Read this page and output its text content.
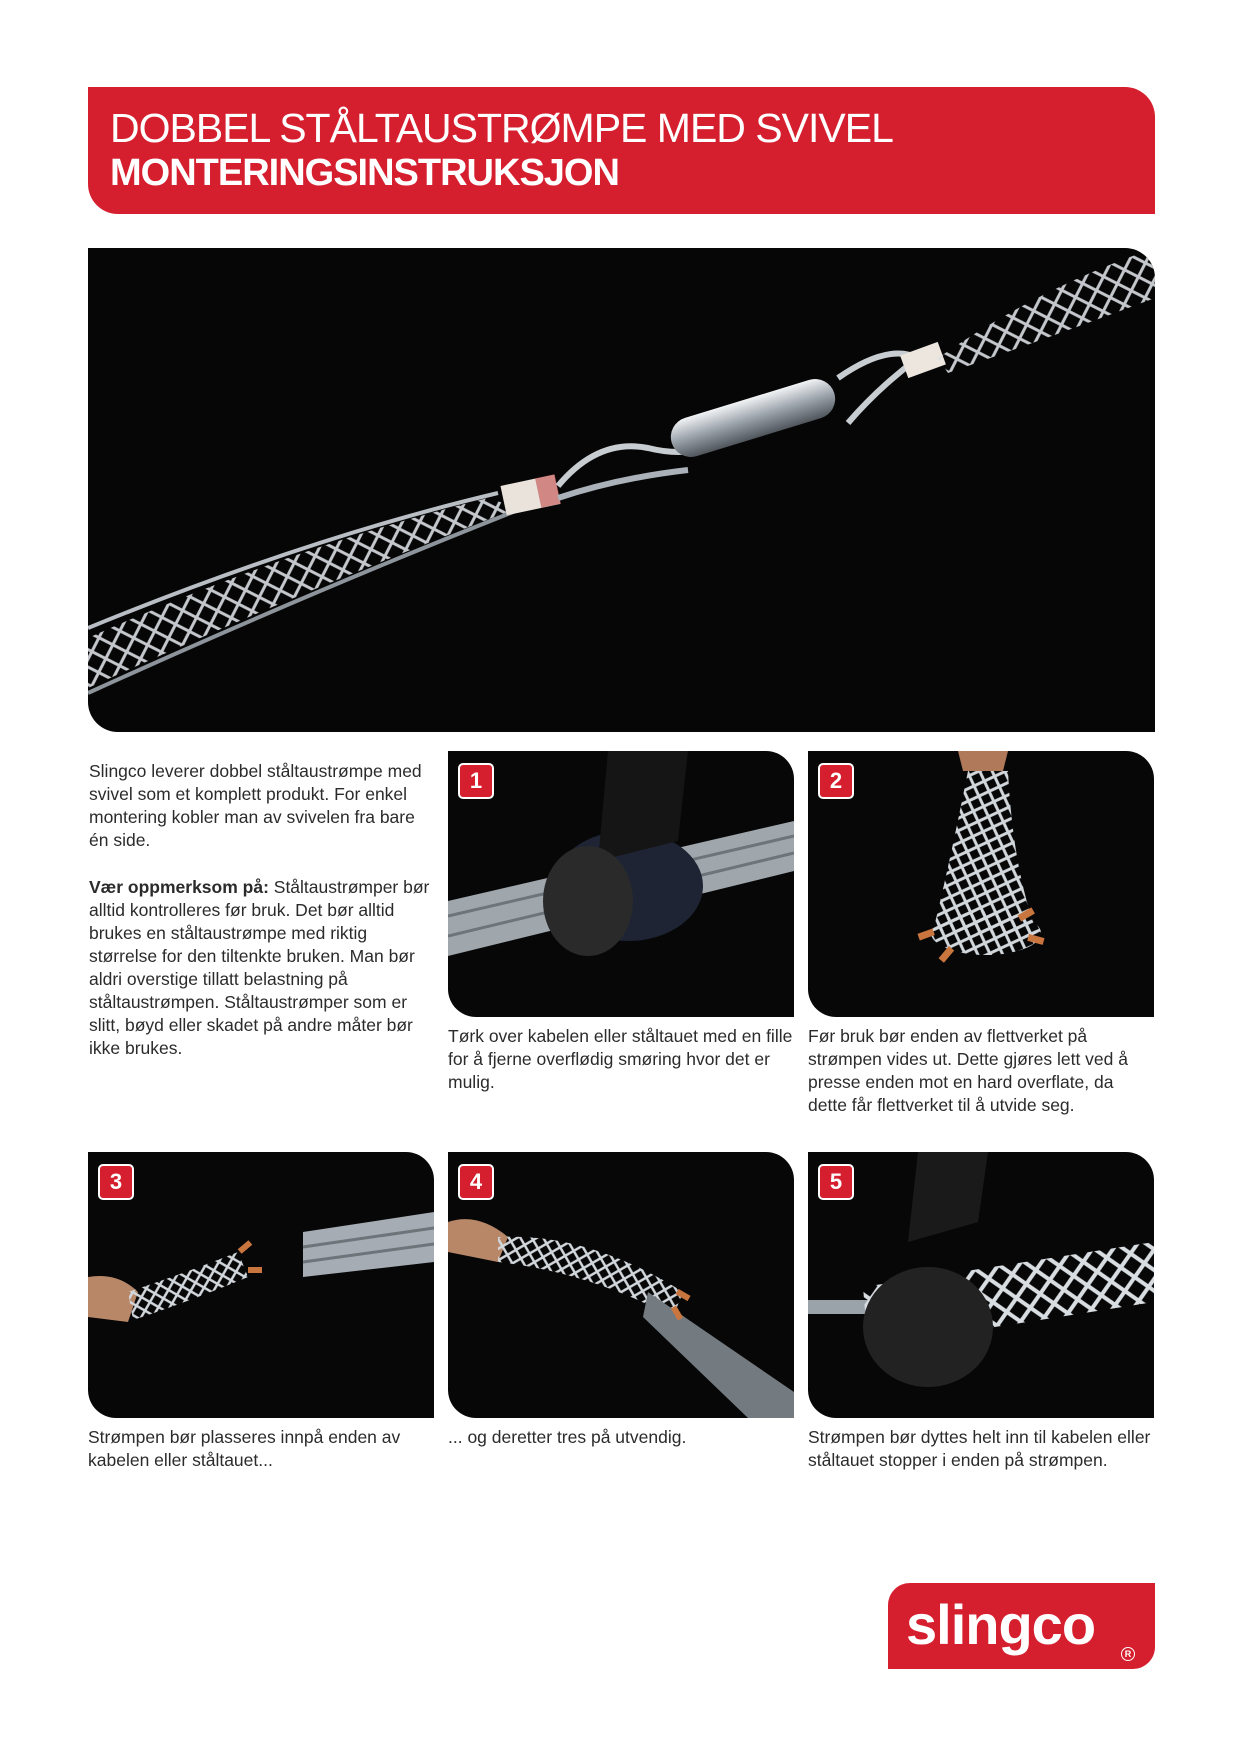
DOBBEL STÅLTAUSTRØMPE MED SVIVEL
MONTERINGSINSTRUKSJON

Slingco leverer dobbel ståltaustrømpe med svivel som et komplett produkt. For enkel montering kobler man av svivelen fra bare én side.

Vær oppmerksom på: Ståltaustrømper bør alltid kontrolleres før bruk. Det bør alltid brukes en ståltaustrømpe med riktig størrelse for den tiltenkte bruken. Man bør aldri overstige tillatt belastning på ståltaustrømpen. Ståltaustrømper som er slitt, bøyd eller skadet på andre måter bør ikke brukes.

1
Tørk over kabelen eller ståltauet med en fille for å fjerne overflødig smøring hvor det er mulig.
2
Før bruk bør enden av flettverket på strømpen vides ut. Dette gjøres lett ved å presse enden mot en hard overflate, da dette får flettverket til å utvide seg.
3
Strømpen bør plasseres innpå enden av kabelen eller ståltauet...
4
... og deretter tres på utvendig.
5
Strømpen bør dyttes helt inn til kabelen eller ståltauet stopper i enden på strømpen.
slingco	R
